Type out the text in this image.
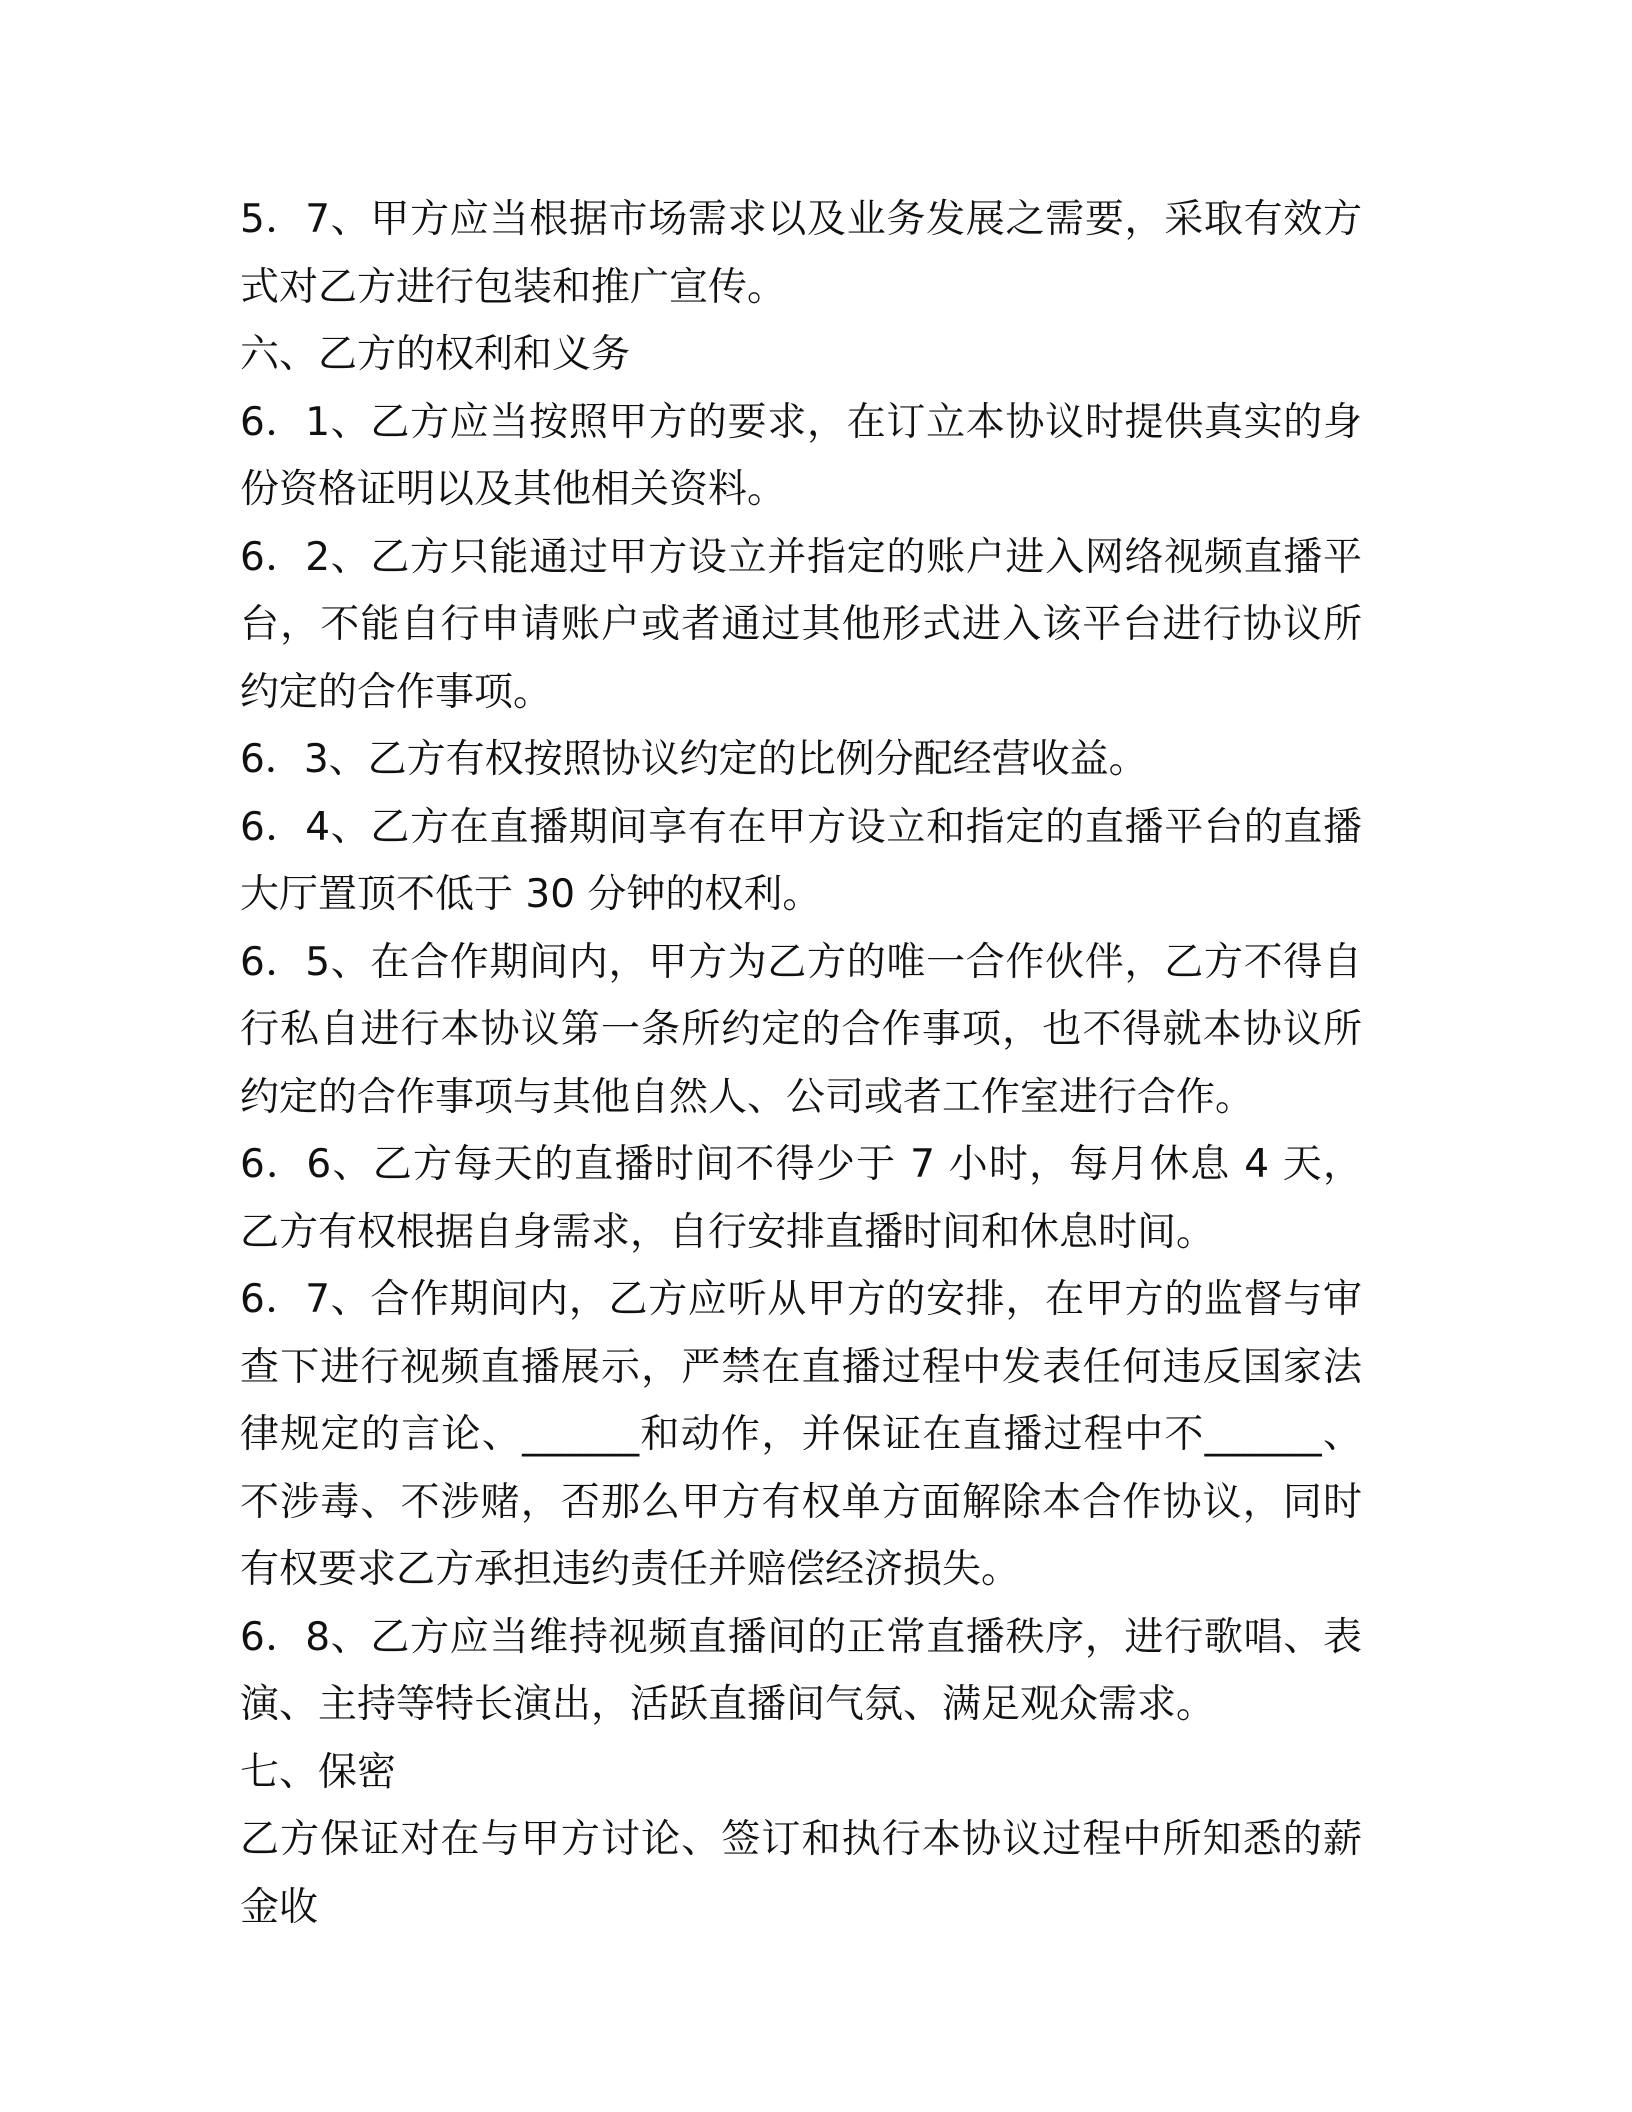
5．7、甲方应当根据市场需求以及业务发展之需要，采取有效方式对乙方进行包装和推广宣传。

六、乙方的权利和义务

6．1、乙方应当按照甲方的要求，在订立本协议时提供真实的身份资格证明以及其他相关资料。

6．2、乙方只能通过甲方设立并指定的账户进入网络视频直播平台，不能自行申请账户或者通过其他形式进入该平台进行协议所约定的合作事项。

6．3、乙方有权按照协议约定的比例分配经营收益。

6．4、乙方在直播期间享有在甲方设立和指定的直播平台的直播大厅置顶不低于 30 分钟的权利。

6．5、在合作期间内，甲方为乙方的唯一合作伙伴，乙方不得自行私自进行本协议第一条所约定的合作事项，也不得就本协议所约定的合作事项与其他自然人、公司或者工作室进行合作。

6．6、乙方每天的直播时间不得少于 7 小时，每月休息 4 天，乙方有权根据自身需求，自行安排直播时间和休息时间。

6．7、合作期间内，乙方应听从甲方的安排，在甲方的监督与审查下进行视频直播展示，严禁在直播过程中发表任何违反国家法律规定的言论、______和动作，并保证在直播过程中不______、不涉毒、不涉赌，否那么甲方有权单方面解除本合作协议，同时有权要求乙方承担违约责任并赔偿经济损失。

6．8、乙方应当维持视频直播间的正常直播秩序，进行歌唱、表演、主持等特长演出，活跃直播间气氛、满足观众需求。

七、保密

乙方保证对在与甲方讨论、签订和执行本协议过程中所知悉的薪金收
